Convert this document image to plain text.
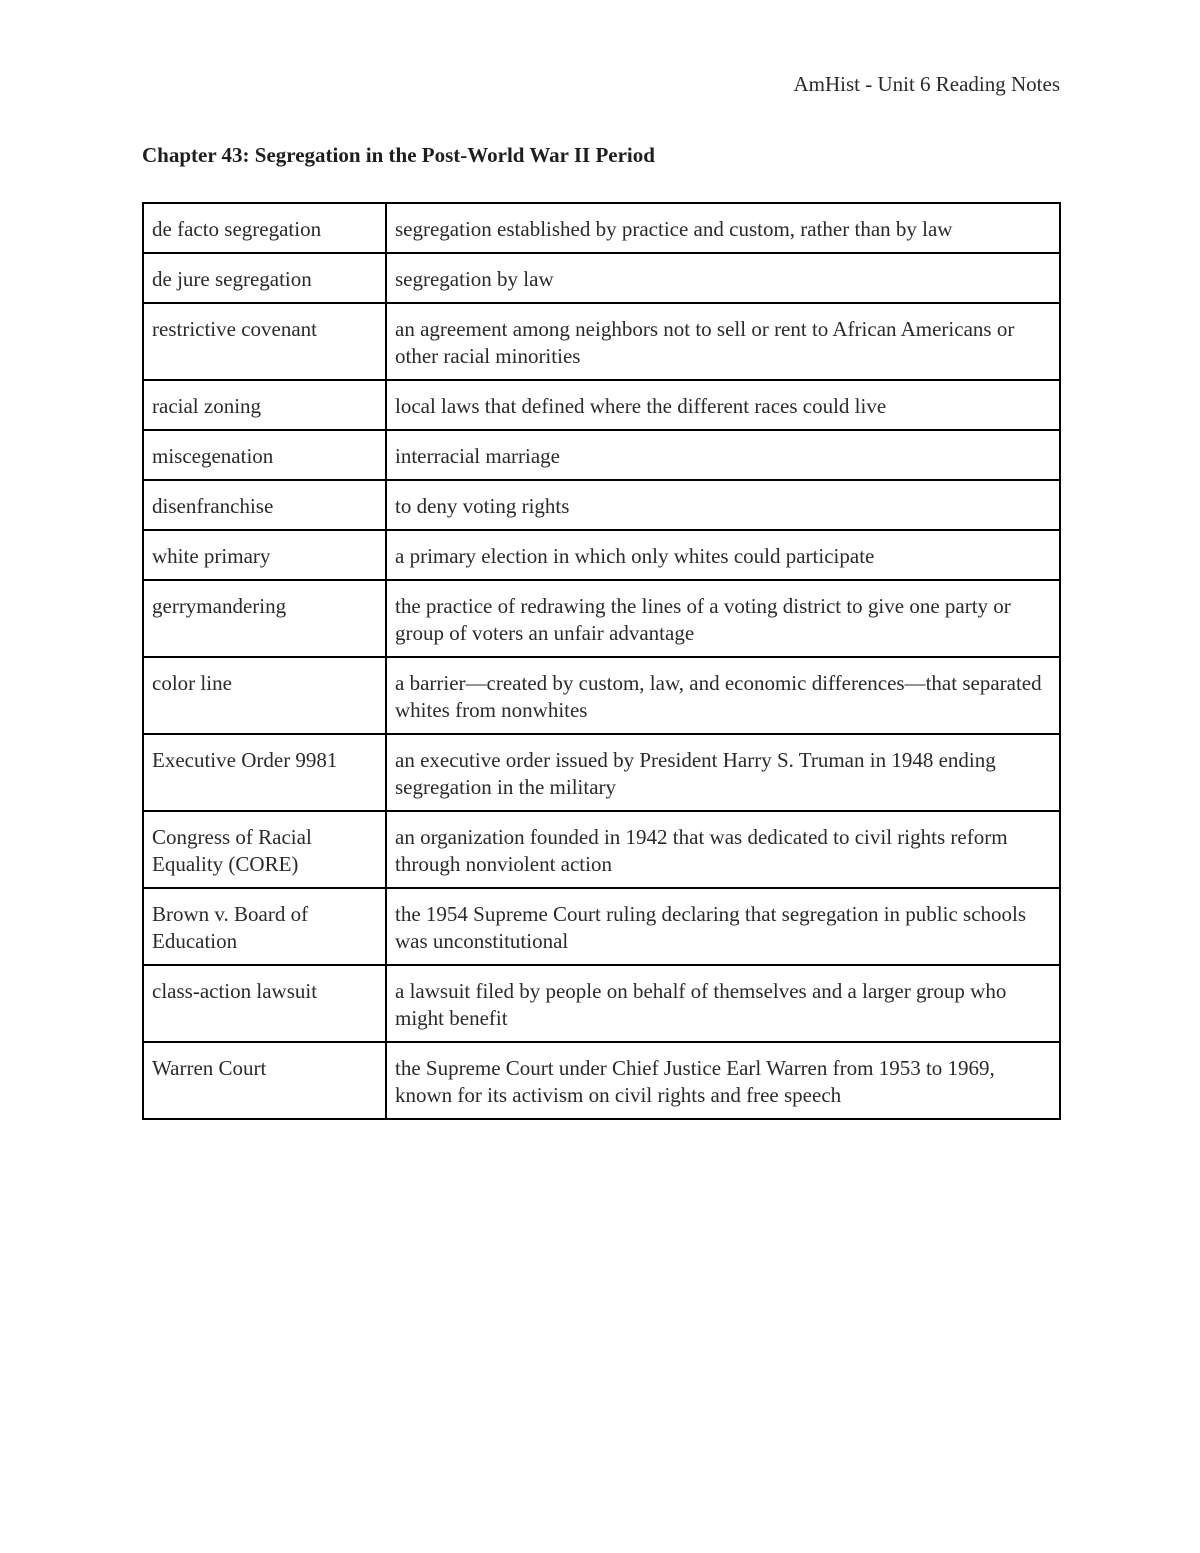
AmHist - Unit 6 Reading Notes
Chapter 43: Segregation in the Post-World War II Period
de facto segregation	segregation established by practice and custom, rather than by law
de jure segregation	segregation by law
restrictive covenant	an agreement among neighbors not to sell or rent to African Americans or other racial minorities
racial zoning	local laws that defined where the different races could live
miscegenation	interracial marriage
disenfranchise	to deny voting rights
white primary	a primary election in which only whites could participate
gerrymandering	the practice of redrawing the lines of a voting district to give one party or group of voters an unfair advantage
color line	a barrier—created by custom, law, and economic differences—that separated whites from nonwhites
Executive Order 9981	an executive order issued by President Harry S. Truman in 1948 ending segregation in the military
Congress of Racial Equality (CORE)	an organization founded in 1942 that was dedicated to civil rights reform through nonviolent action
Brown v. Board of Education	the 1954 Supreme Court ruling declaring that segregation in public schools was unconstitutional
class-action lawsuit	a lawsuit filed by people on behalf of themselves and a larger group who might benefit
Warren Court	the Supreme Court under Chief Justice Earl Warren from 1953 to 1969, known for its activism on civil rights and free speech
